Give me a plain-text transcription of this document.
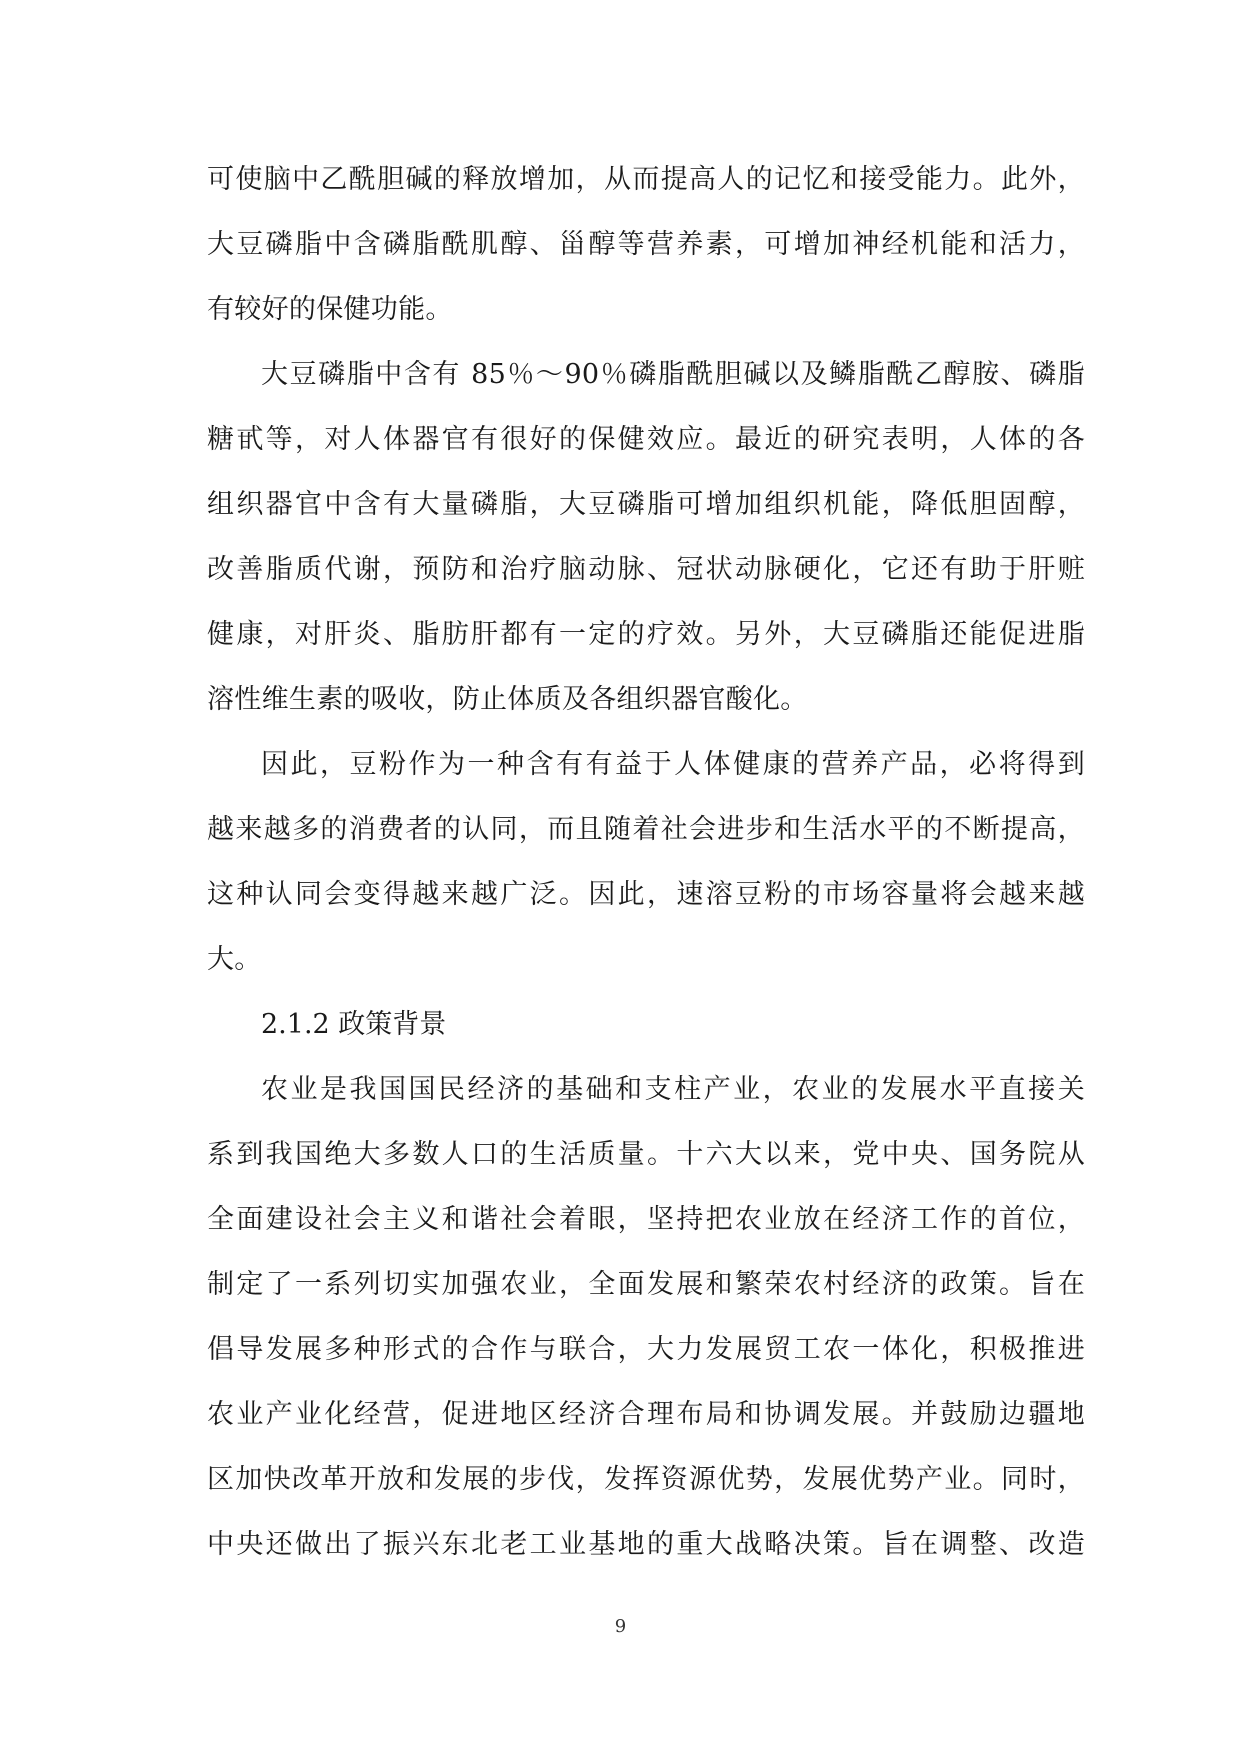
可使脑中乙酰胆碱的释放增加，从而提高人的记忆和接受能力。此外，
大豆磷脂中含磷脂酰肌醇、甾醇等营养素，可增加神经机能和活力，
有较好的保健功能。
大豆磷脂中含有 85％～90％磷脂酰胆碱以及鳞脂酰乙醇胺、磷脂
糖甙等，对人体器官有很好的保健效应。最近的研究表明，人体的各
组织器官中含有大量磷脂，大豆磷脂可增加组织机能，降低胆固醇，
改善脂质代谢，预防和治疗脑动脉、冠状动脉硬化，它还有助于肝赃
健康，对肝炎、脂肪肝都有一定的疗效。另外，大豆磷脂还能促进脂
溶性维生素的吸收，防止体质及各组织器官酸化。
因此，豆粉作为一种含有有益于人体健康的营养产品，必将得到
越来越多的消费者的认同，而且随着社会进步和生活水平的不断提高，
这种认同会变得越来越广泛。因此，速溶豆粉的市场容量将会越来越
大。
2.1.2 政策背景
农业是我国国民经济的基础和支柱产业，农业的发展水平直接关
系到我国绝大多数人口的生活质量。十六大以来，党中央、国务院从
全面建设社会主义和谐社会着眼，坚持把农业放在经济工作的首位，
制定了一系列切实加强农业，全面发展和繁荣农村经济的政策。旨在
倡导发展多种形式的合作与联合，大力发展贸工农一体化，积极推进
农业产业化经营，促进地区经济合理布局和协调发展。并鼓励边疆地
区加快改革开放和发展的步伐，发挥资源优势，发展优势产业。同时，
中央还做出了振兴东北老工业基地的重大战略决策。旨在调整、改造
9
